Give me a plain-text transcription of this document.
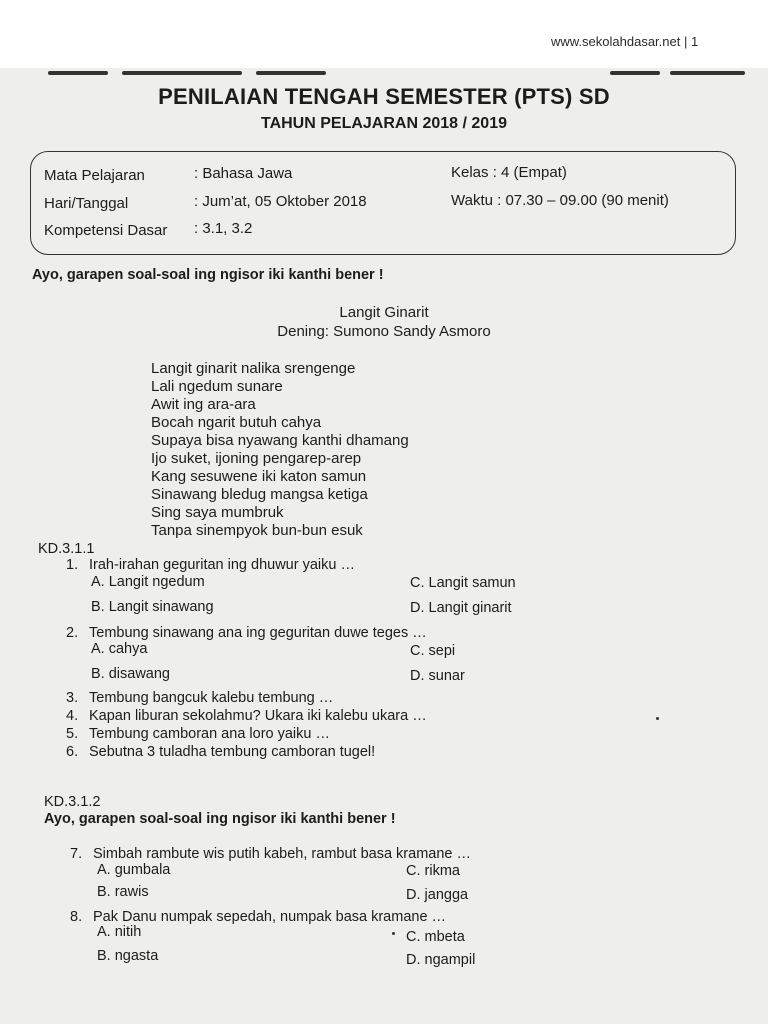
www.sekolahdasar.net | 1
PENILAIAN TENGAH SEMESTER (PTS) SD
TAHUN PELAJARAN 2018 / 2019
Mata Pelajaran	: Bahasa Jawa	Kelas : 4 (Empat)
Hari/Tanggal	: Jum’at, 05 Oktober 2018	Waktu : 07.30 – 09.00 (90 menit)
Kompetensi Dasar : 3.1, 3.2
Ayo, garapen soal-soal ing ngisor iki kanthi bener !
Langit Ginarit
Dening: Sumono Sandy Asmoro
Langit ginarit nalika srengenge
Lali ngedum sunare
Awit ing ara-ara
Bocah ngarit butuh cahya
Supaya bisa nyawang kanthi dhamang
Ijo suket, ijoning pengarep-arep
Kang sesuwene iki katon samun
Sinawang bledug mangsa ketiga
Sing saya mumbruk
Tanpa sinempyok bun-bun esuk
KD.3.1.1
1. Irah-irahan geguritan ing dhuwur yaiku …
A. Langit ngedum	C. Langit samun
B. Langit sinawang	D. Langit ginarit
2. Tembung sinawang ana ing geguritan duwe teges …
A. cahya	C. sepi
B. disawang	D. sunar
3. Tembung bangcuk kalebu tembung …
4. Kapan liburan sekolahmu? Ukara iki kalebu ukara …
5. Tembung camboran ana loro yaiku …
6. Sebutna 3 tuladha tembung camboran tugel!
KD.3.1.2
Ayo, garapen soal-soal ing ngisor iki kanthi bener !
7. Simbah rambute wis putih kabeh, rambut basa kramane …
A. gumbala	C. rikma
B. rawis	D. jangga
8. Pak Danu numpak sepedah, numpak basa kramane …
A. nitih	C. mbeta
B. ngasta	D. ngampil
